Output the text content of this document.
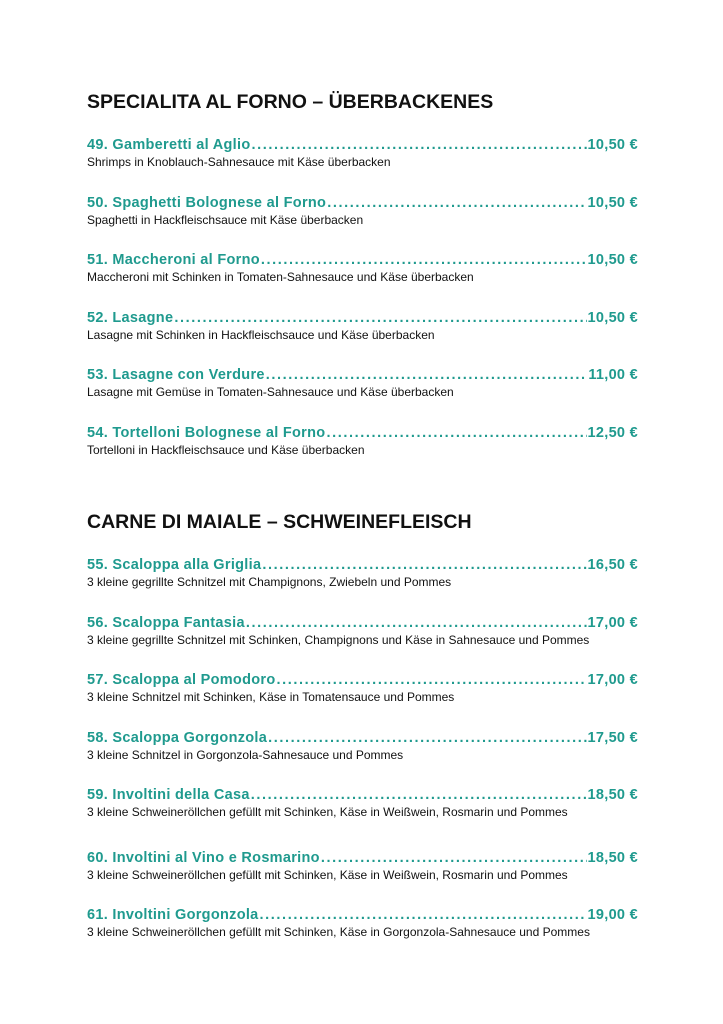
SPECIALITA AL FORNO – ÜBERBACKENES
49. Gamberetti al Aglio .....	10,50 €
Shrimps in Knoblauch-Sahnesauce mit Käse überbacken
50. Spaghetti Bolognese al Forno .....	10,50 €
Spaghetti in Hackfleischsauce mit Käse überbacken
51. Maccheroni al Forno .....	10,50 €
Maccheroni mit Schinken in Tomaten-Sahnesauce und Käse überbacken
52. Lasagne .....	10,50 €
Lasagne mit Schinken in Hackfleischsauce und Käse überbacken
53. Lasagne con Verdure .....	11,00 €
Lasagne mit Gemüse in Tomaten-Sahnesauce und Käse überbacken
54. Tortelloni Bolognese al Forno .....	12,50 €
Tortelloni in Hackfleischsauce und Käse überbacken
CARNE DI MAIALE – SCHWEINEFLEISCH
55. Scaloppa alla Griglia .....	16,50 €
3 kleine gegrillte Schnitzel mit Champignons, Zwiebeln und Pommes
56. Scaloppa Fantasia .....	17,00 €
3 kleine gegrillte Schnitzel mit Schinken, Champignons und Käse in Sahnesauce und Pommes
57. Scaloppa al Pomodoro .....	17,00 €
3 kleine Schnitzel mit Schinken, Käse in Tomatensauce und Pommes
58. Scaloppa Gorgonzola .....	17,50 €
3 kleine Schnitzel in Gorgonzola-Sahnesauce und Pommes
59. Involtini della Casa .....	18,50 €
3 kleine Schweineröllchen gefüllt mit Schinken, Käse in Weißwein, Rosmarin und Pommes
60. Involtini al Vino e Rosmarino .....	18,50 €
3 kleine Schweineröllchen gefüllt mit Schinken, Käse in Weißwein, Rosmarin und Pommes
61. Involtini Gorgonzola .....	19,00 €
3 kleine Schweineröllchen gefüllt mit Schinken, Käse in Gorgonzola-Sahnesauce und Pommes
